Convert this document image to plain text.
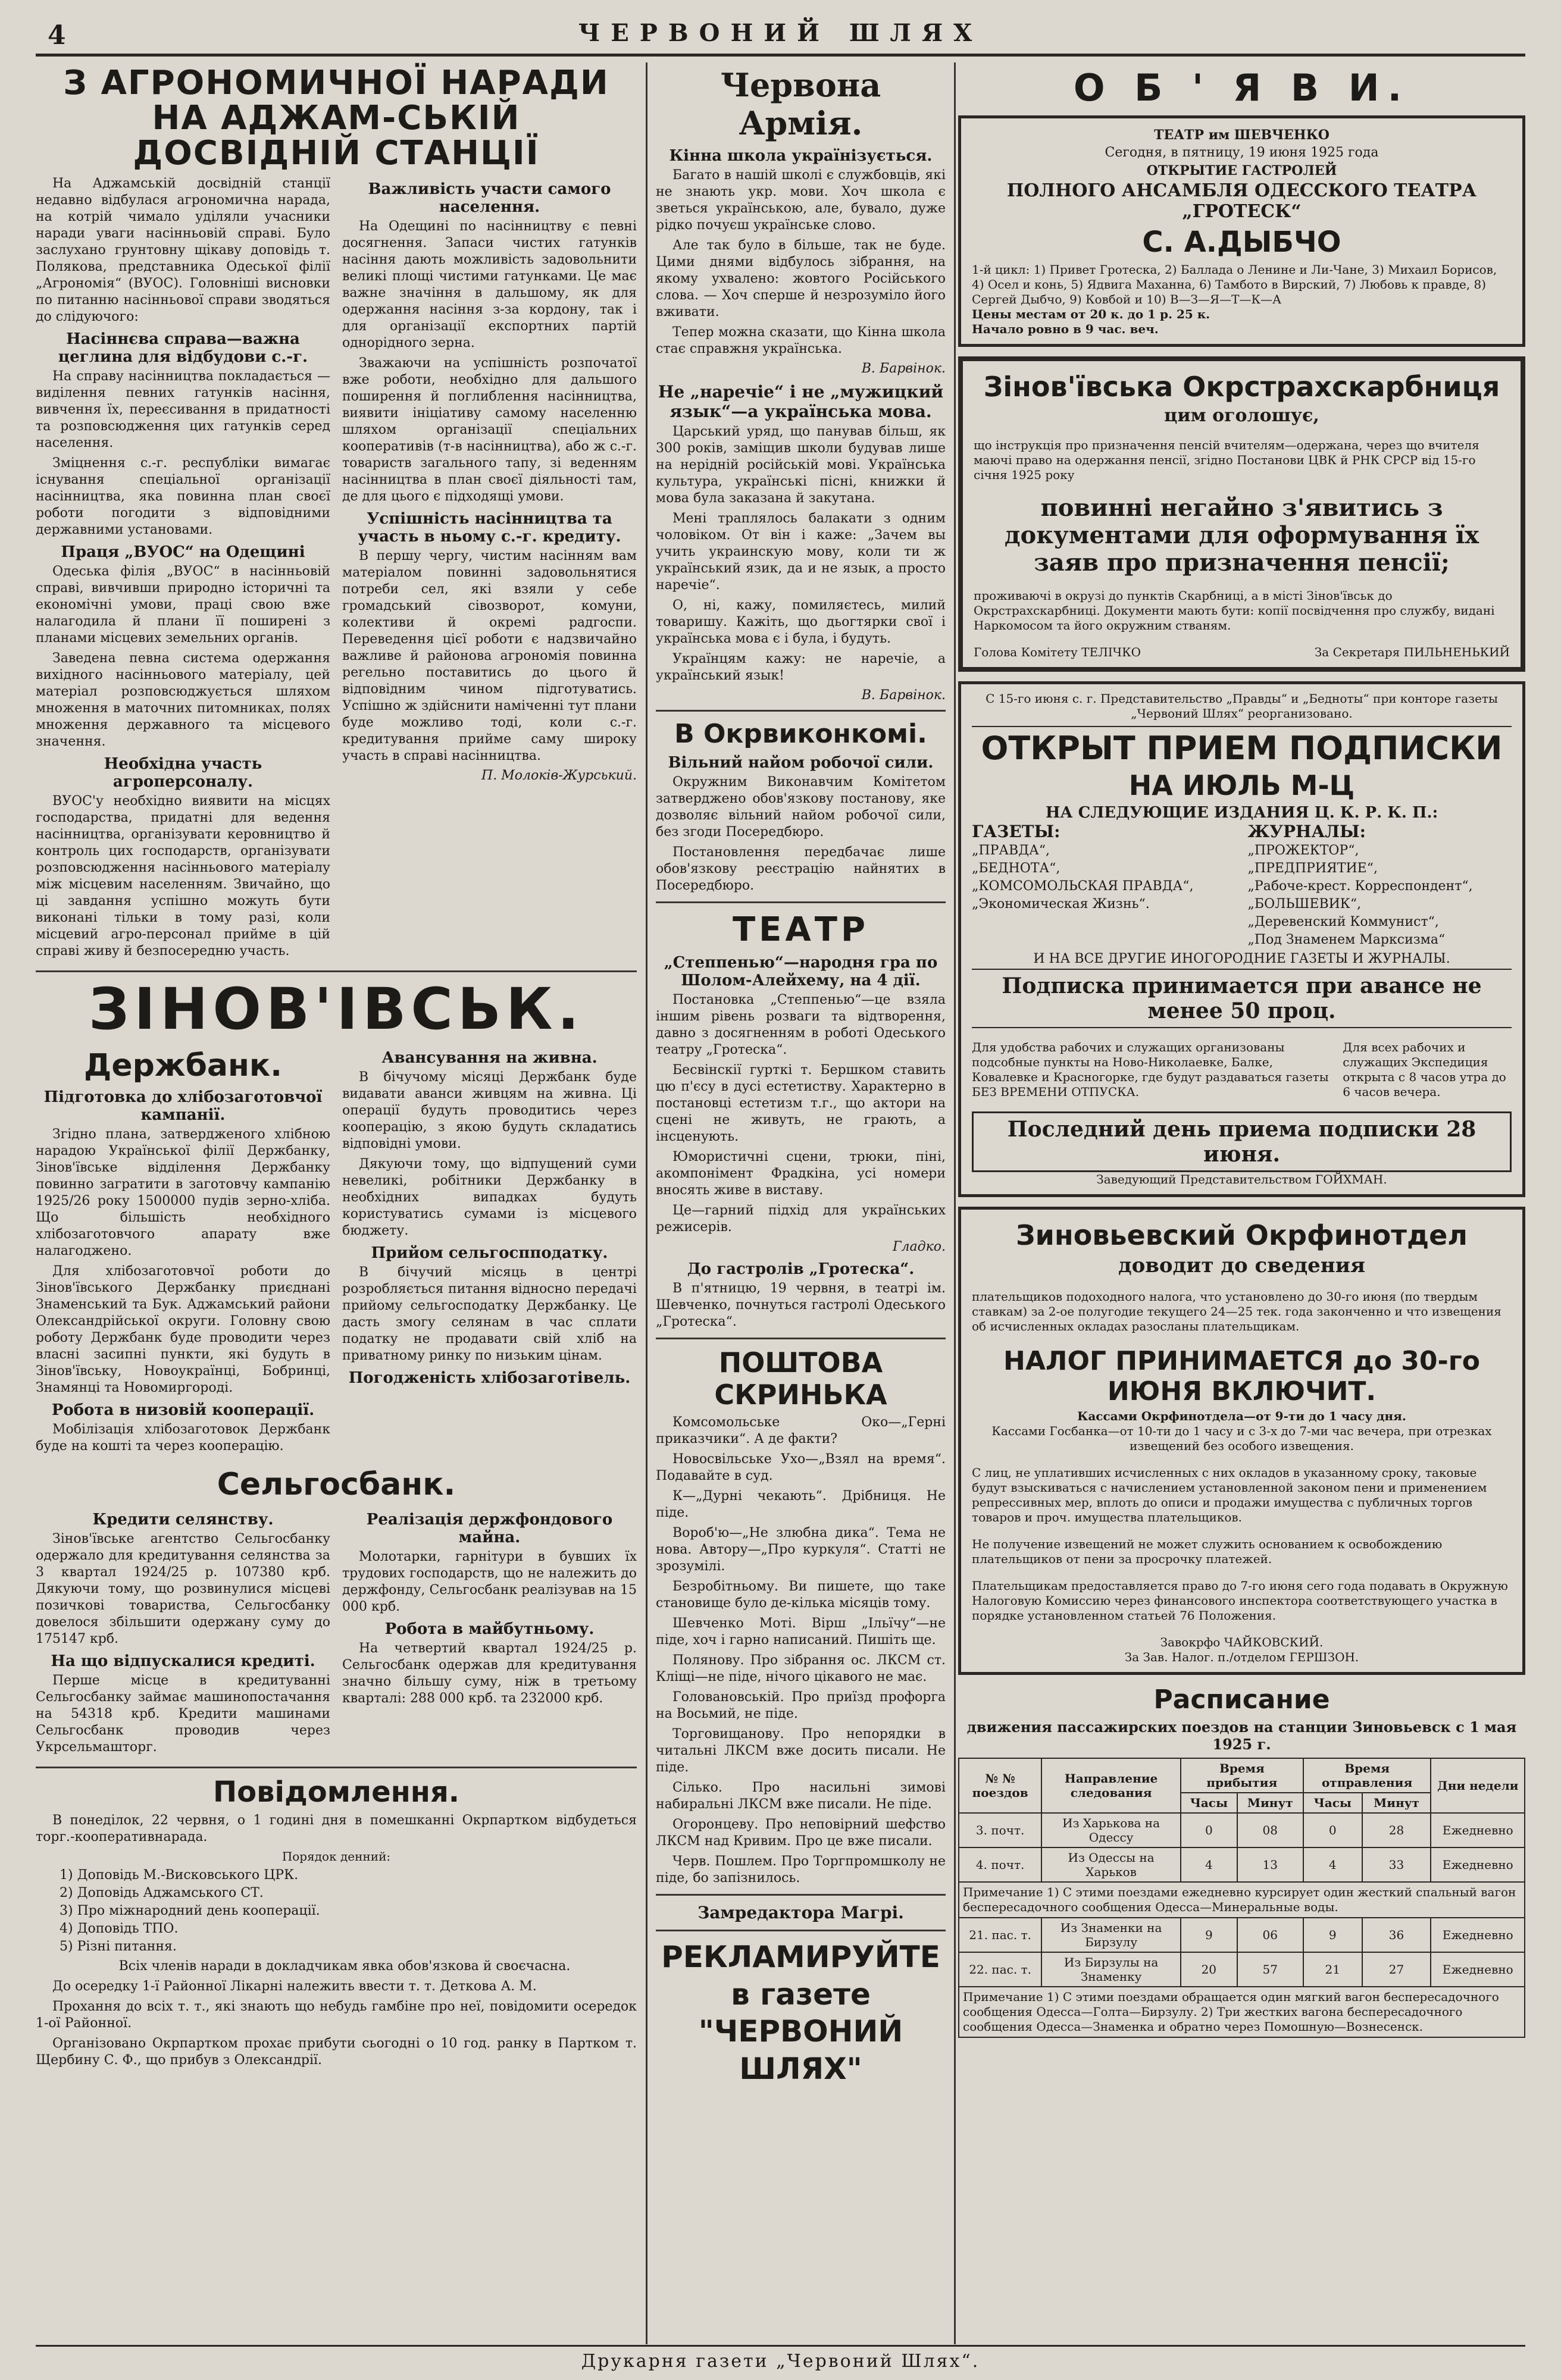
4	ЧЕРВОНИЙ ШЛЯХ
З АГРОНОМИЧНОЇ НАРАДИ НА АДЖАМ-СЬКІЙ ДОСВІДНІЙ СТАНЦІЇ

На Аджамській досвідній станції недавно відбулася агрономична нарада, на котрій чимало уділяли учасники наради уваги насінньовій справі. Було заслухано грунтовну щікаву доповідь т. Полякова, представника Одеської філії „Агрономія“ (ВУОС). Головніші висновки по питанню насінньової справи зводяться до слідуючого:

Насіннєва справа—важна цеглина для відбудови с.-г.

На справу насінництва покладається — виділення певних гатунків насіння, вивчення їх, переєсивання в придатності та розповсюдження цих гатунків серед населення.

Зміцнення с.-г. республіки вимагає існування спеціальної організації насінництва, яка повинна план своєї роботи погодити з відповідними державними установами.

Праця „ВУОС“ на Одещині

Одеська філія „ВУОС“ в насінньовій справі, вивчивши природно історичні та економічні умови, праці свою вже налагодила й плани її поширені з планами місцевих земельних органів.

Заведена певна система одержання вихідного насінньового матеріалу, цей матеріал розповсюджується шляхом множення в маточних питомниках, полях множення державного та місцевого значення.

Необхідна участь агроперсоналу.

ВУОС'у необхідно виявити на місцях господарства, придатні для ведення насінництва, організувати керовництво й контроль цих господарств, організувати розповсюдження насінньового матеріалу між місцевим населенням. Звичайно, що ці завдання успішно можуть бути виконані тільки в тому разі, коли місцевий агро-персонал прийме в цій справі живу й безпосередню участь.

Важливість участи самого населення.

На Одещині по насінництву є певні досягнення. Запаси чистих гатунків насіння дають можливість задовольнити великі площі чистими гатунками. Це має важне значіння в дальшому, як для одержання насіння з-за кордону, так і для організації експортних партій однорідного зерна.

Зважаючи на успішність розпочатої вже роботи, необхідно для дальшого поширення й поглиблення насінництва, виявити ініціативу самому населенню шляхом організації спеціальних кооперативів (т-в насінництва), або ж с.-г. товариств загального тапу, зі веденням насінництва в план своєї діяльності там, де для цього є підходящі умови.

Успішність насінництва та участь в ньому с.-г. кредиту.

В першу чергу, чистим насінням вам матеріалом повинні задовольнятися потреби сел, які взяли у себе громадський сівозворот, комуни, колективи й окремі радгоспи. Переведення цієї роботи є надзвичайно важливе й районова агрономія повинна регельно поставитись до цього й відповідним чином підготуватись. Успішно ж здійснити наміченні тут плани буде можливо тоді, коли с.-г. кредитування прийме саму широку участь в справі насінництва.

П. Молоків-Журський.
ЗІНОВ'ІВСЬК.
Держбанк.
Підготовка до хлібозаготовчої кампанії.

Згідно плана, затвердженого хлібною нарадою Української філії Держбанку, Зінов'ївське відділення Держбанку повинно загратити в заготовчу кампанію 1925/26 року 1500000 пудів зерно-хліба. Що більшість необхідного хлібозаготовчого апарату вже налагоджено.

Для хлібозаготовчої роботи до Зінов'ївського Держбанку приєднані Знаменський та Бук. Аджамський райони Олександрійської округи. Головну свою роботу Держбанк буде проводити через власні засипні пункти, які будуть в Зінов'ївську, Новоукраїнці, Бобринці, Знамянці та Новомиргороді.

Робота в низовій кооперації.

Мобілізація хлібозаготовок Держбанк буде на кошті та через кооперацію.

Авансування на живна.

В бічучому місяці Держбанк буде видавати аванси живцям на живна. Ці операції будуть проводитись через кооперацію, з якою будуть складатись відповідні умови.

Дякуючи тому, що відпущений суми невеликі, робітники Держбанку в необхідних випадках будуть користуватись сумами із місцевого бюджету.

Прийом сельгоспподатку.

В бічучий місяць в центрі розробляється питання відносно передачі прийому сельгосподатку Держбанку. Це дасть змогу селянам в час сплати податку не продавати свій хліб на приватному ринку по низьким цінам.

Погодженість хлібозаготівель.
Сельгосбанк.
Кредити селянству.

Зінов'ївське агентство Сельгосбанку одержало для кредитування селянства за 3 квартал 1924/25 р. 107380 крб. Дякуючи тому, що розвинулися місцеві позичкові товариства, Сельгосбанку довелося збільшити одержану суму до 175147 крб.

На що відпускалися кредиті.

Перше місце в кредитуванні Сельгосбанку займає машинопостачання на 54318 крб. Кредити машинами Сельгосбанк проводив через Укрсельмашторг.

Реалізація держфондового майна.

Молотарки, гарнітури в бувших їх трудових господарств, що не належить до держфонду, Сельгосбанк реалізував на 15 000 крб.

Робота в майбутньому.

На четвертий квартал 1924/25 р. Сельгосбанк одержав для кредитування значно більшу суму, ніж в третьому кварталі: 288 000 крб. та 232000 крб.

Повідомлення.

В понеділок, 22 червня, о 1 годині дня в помешканні Окрпартком відбудеться торг.-кооперативнарада.

Порядок денний:
1) Доповідь М.-Висковського ЦРК.
2) Доповідь Аджамського СТ.
3) Про міжнародний день кооперації.
4) Доповідь ТПО.
5) Різні питання.

Всіх членів наради в докладчикам явка обов'язкова й своєчасна.

До осередку 1-ї Районної Лікарні належить ввести т. т. Деткова А. М.

Прохання до всіх т. т., які знають що небудь гамбіне про неї, повідомити осередок 1-ої Районної.

Організовано Окрпартком прохає прибути сьогодні о 10 год. ранку в Партком т. Щербину С. Ф., що прибув з Олександрії.

Червона Армія.
Кінна школа українізується.

Багато в нашій школі є службовців, які не знають укр. мови. Хоч школа є зветься українською, але, бувало, дуже рідко почуєш українське слово.

Але так було в більше, так не буде. Цими днями відбулось зібрання, на якому ухвалено: жовтого Російського слова. — Хоч сперше й незрозуміло його вживати.

Тепер можна сказати, що Кінна школа стає справжня українська.

В. Барвінок.
Не „наречіе“ і не „мужицкий язык“—а українська мова.

Царський уряд, що панував більш, як 300 років, заміщив школи будував лише на нерідній російській мові. Українська культура, українські піснi, книжки й мова була заказана й закутана.

Мені траплялось балакати з одним чоловіком. От він і каже: „Зачем вы учить украинскую мову, коли ти ж український язик, да и не язык, а просто наречіе“.

О, ні, кажу, помиляєтесь, милий товаришу. Кажіть, що дьогтярки свої і українська мова є і була, і будуть.

Українцям кажу: не наречіе, а український язык!

В. Барвінок.
В Окрвиконкомі.
Вільний найом робочої сили.

Окружним Виконавчим Комітетом затверджено обов'язкову постанову, яке дозволяє вільний найом робочої сили, без згоди Посередбюро.

Постановлення передбачає лише обов'язкову реєстрацію найнятих в Посередбюро.

ТЕАТР
„Степпенью“—народня гра по Шолом-Алейхему, на 4 дії.

Постановка „Степпенью“—це взяла іншим рівень розваги та відтворення, давно з досягненням в роботі Одеського театру „Гротеска“.

Бесвінскії гурткі т. Бершком ставить цю п'єсу в дусі естетиству. Характерно в постановці естетизм т.г., що актори на сцені не живуть, не грають, а інсценують.

Юмористичні сцени, трюки, піні, акомпонімент Фрадкіна, усі номери вносять живе в виставу.

Це—гарний підхід для українських режисерів.

Гладко.
До гастролів „Гротеска“.

В п'ятницю, 19 червня, в театрі ім. Шевченко, почнуться гастролі Одеського „Гротеска“.

ПОШТОВА СКРИНЬКА

Комсомольське Око—„Герні приказчики“. А де факти?

Новосвільське Ухо—„Взял на время“. Подавайте в суд.

К—„Дурні чекають“. Дрібниця. Не піде.

Вороб'ю—„Не злюбна дика“. Тема не нова. Автору—„Про куркуля“. Статті не зрозумілі.

Безробітньому. Ви пишете, що таке становище було де-кілька місяців тому.

Шевченко Моті. Вірш „Ільїчу“—не піде, хоч і гарно написаний. Пишіть ще.

Полянову. Про зібрання ос. ЛКСМ ст. Кліщі—не піде, нічого цікавого не має.

Головановській. Про приїзд профорга на Восьмий, не піде.

Торговищанову. Про непорядки в читальні ЛКСМ вже досить писали. Не піде.

Сілько. Про насильні зимові набиральні ЛКСМ вже писали. Не піде.

Огоронцеву. Про неповірний шефство ЛКСМ над Кривим. Про це вже писали.

Черв. Пошлем. Про Торгпромшколу не піде, бо запізнилось.

Замредактора Магрі.
РЕКЛАМИРУЙТЕ в газете "ЧЕРВОНИЙ ШЛЯХ"
О Б ' Я В И.
ТЕАТР им ШЕВЧЕНКО
Сегодня, в пятницу, 19 июня 1925 года
ОТКРЫТИЕ ГАСТРОЛЕЙ
ПОЛНОГО АНСАМБЛЯ ОДЕССКОГО ТЕАТРА „ГРОТЕСК“
С. А.ДЫБЧО
1-й цикл: 1) Привет Гротеска, 2) Баллада о Ленине и Ли-Чане, 3) Михаил Борисов, 4) Осел и конь, 5) Ядвига Маханна, 6) Тамбото в Вирский, 7) Любовь к правде, 8) Сергей Дыбчо, 9) Ковбой и 10) В—З—Я—Т—К—А
Цены местам от 20 к. до 1 р. 25 к.
Начало ровно в 9 час. веч.
Зінов'ївська Окрстрахскарбниця
цим оголошує,

що інструкція про призначення пенсій вчителям—одержана, через що вчителя маючі право на одержання пенсії, згідно Постанови ЦВК й РНК СРСР від 15-го січня 1925 року

повинні негайно з'явитись з документами для оформування їх заяв про призначення пенсії;

проживаючі в окрузі до пунктів Скарбниці, а в місті Зінов'ївськ до Окрстрахскарбниці. Документи мають бути: копії посвідчення про службу, видані Наркомосом та його окружним стваням.

Голова Комітету ТЕЛІЧКО	За Секретаря ПИЛЬНЕНЬКИЙ
С 15-го июня с. г. Представительство „Правды“ и „Бедноты“ при конторе газеты „Червоний Шлях“ реорганизовано.
ОТКРЫТ ПРИЕМ ПОДПИСКИ
НА ИЮЛЬ М-Ц
НА СЛЕДУЮЩИЕ ИЗДАНИЯ Ц. К. Р. К. П.:
ГАЗЕТЫ:
„ПРАВДА“,
„БЕДНОТА“,
„КОМСОМОЛЬСКАЯ ПРАВДА“,
„Экономическая Жизнь“.
ЖУРНАЛЫ:
„ПРОЖЕКТОР“,
„ПРЕДПРИЯТИЕ“,
„Рабоче-крест. Корреспондент“,
„БОЛЬШЕВИК“,
„Деревенский Коммунист“,
„Под Знаменем Марксизма“
И НА ВСЕ ДРУГИЕ ИНОГОРОДНИЕ ГАЗЕТЫ И ЖУРНАЛЫ.
Подписка принимается при авансе не менее 50 проц.

Для удобства рабочих и служащих организованы подсобные пункты на Ново-Николаевке, Балке, Ковалевке и Красногорке, где будут раздаваться газеты БЕЗ ВРЕМЕНИ ОТПУСКА.

Для всех рабочих и служащих Экспедиция открыта с 8 часов утра до 6 часов вечера.

Последний день приема подписки 28 июня.
Заведующий Представительством ГОЙХМАН.
Зиновьевский Окрфинотдел
доводит до сведения

плательщиков подоходного налога, что установлено до 30-го июня (по твердым ставкам) за 2-ое полугодие текущего 24—25 тек. года законченно и что извещения об исчисленных окладах разосланы плательщикам.

НАЛОГ ПРИНИМАЕТСЯ до 30-го ИЮНЯ ВКЛЮЧИТ.
Кассами Окрфинотдела—от 9-ти до 1 часу дня.
Кассами Госбанка—от 10-ти до 1 часу и с 3-х до 7-ми час вечера, при отрезках извещений без особого извещения.

С лиц, не уплативших исчисленных с них окладов в указанному сроку, таковые будут взыскиваться с начислением установленной законом пени и применением репрессивных мер, вплоть до описи и продажи имущества с публичных торгов товаров и проч. имущества плательщиков.

Не получение извещений не может служить основанием к освобождению плательщиков от пени за просрочку платежей.

Плательщикам предоставляется право до 7-го июня сего года подавать в Окружную Налоговую Комиссию через финансового инспектора соответствующего участка в порядке установленном статьей 76 Положения.

Завокрфо ЧАЙКОВСКИЙ.
За Зав. Налог. п./отделом ГЕРШЗОН.
Расписание
движения пассажирских поездов на станции Зиновьевск с 1 мая 1925 г.
№ № поездов	Направление следования	Время прибытия		Время отправления		Дни недели
		Часы	Минут	Часы	Минут	
3. почт.	Из Харькова на Одессу	0	08	0	28	Ежедневно
4. почт.	Из Одессы на Харьков	4	13	4	33	Ежедневно
Примечание 1) С этими поездами ежедневно курсирует один жесткий спальный вагон беспересадочного сообщения Одесса—Минеральные воды.						
21. пас. т.	Из Знаменки на Бирзулу	9	06	9	36	Ежедневно
22. пас. т.	Из Бирзулы на Знаменку	20	57	21	27	Ежедневно
Примечание 1) С этими поездами обращается один мягкий вагон беспересадочного сообщения Одесса—Голта—Бирзулу. 2) Три жестких вагона беспересадочного сообщения Одесса—Знаменка и обратно через Помошную—Вознесенск.						
Друкарня газети „Червоний Шлях“.
